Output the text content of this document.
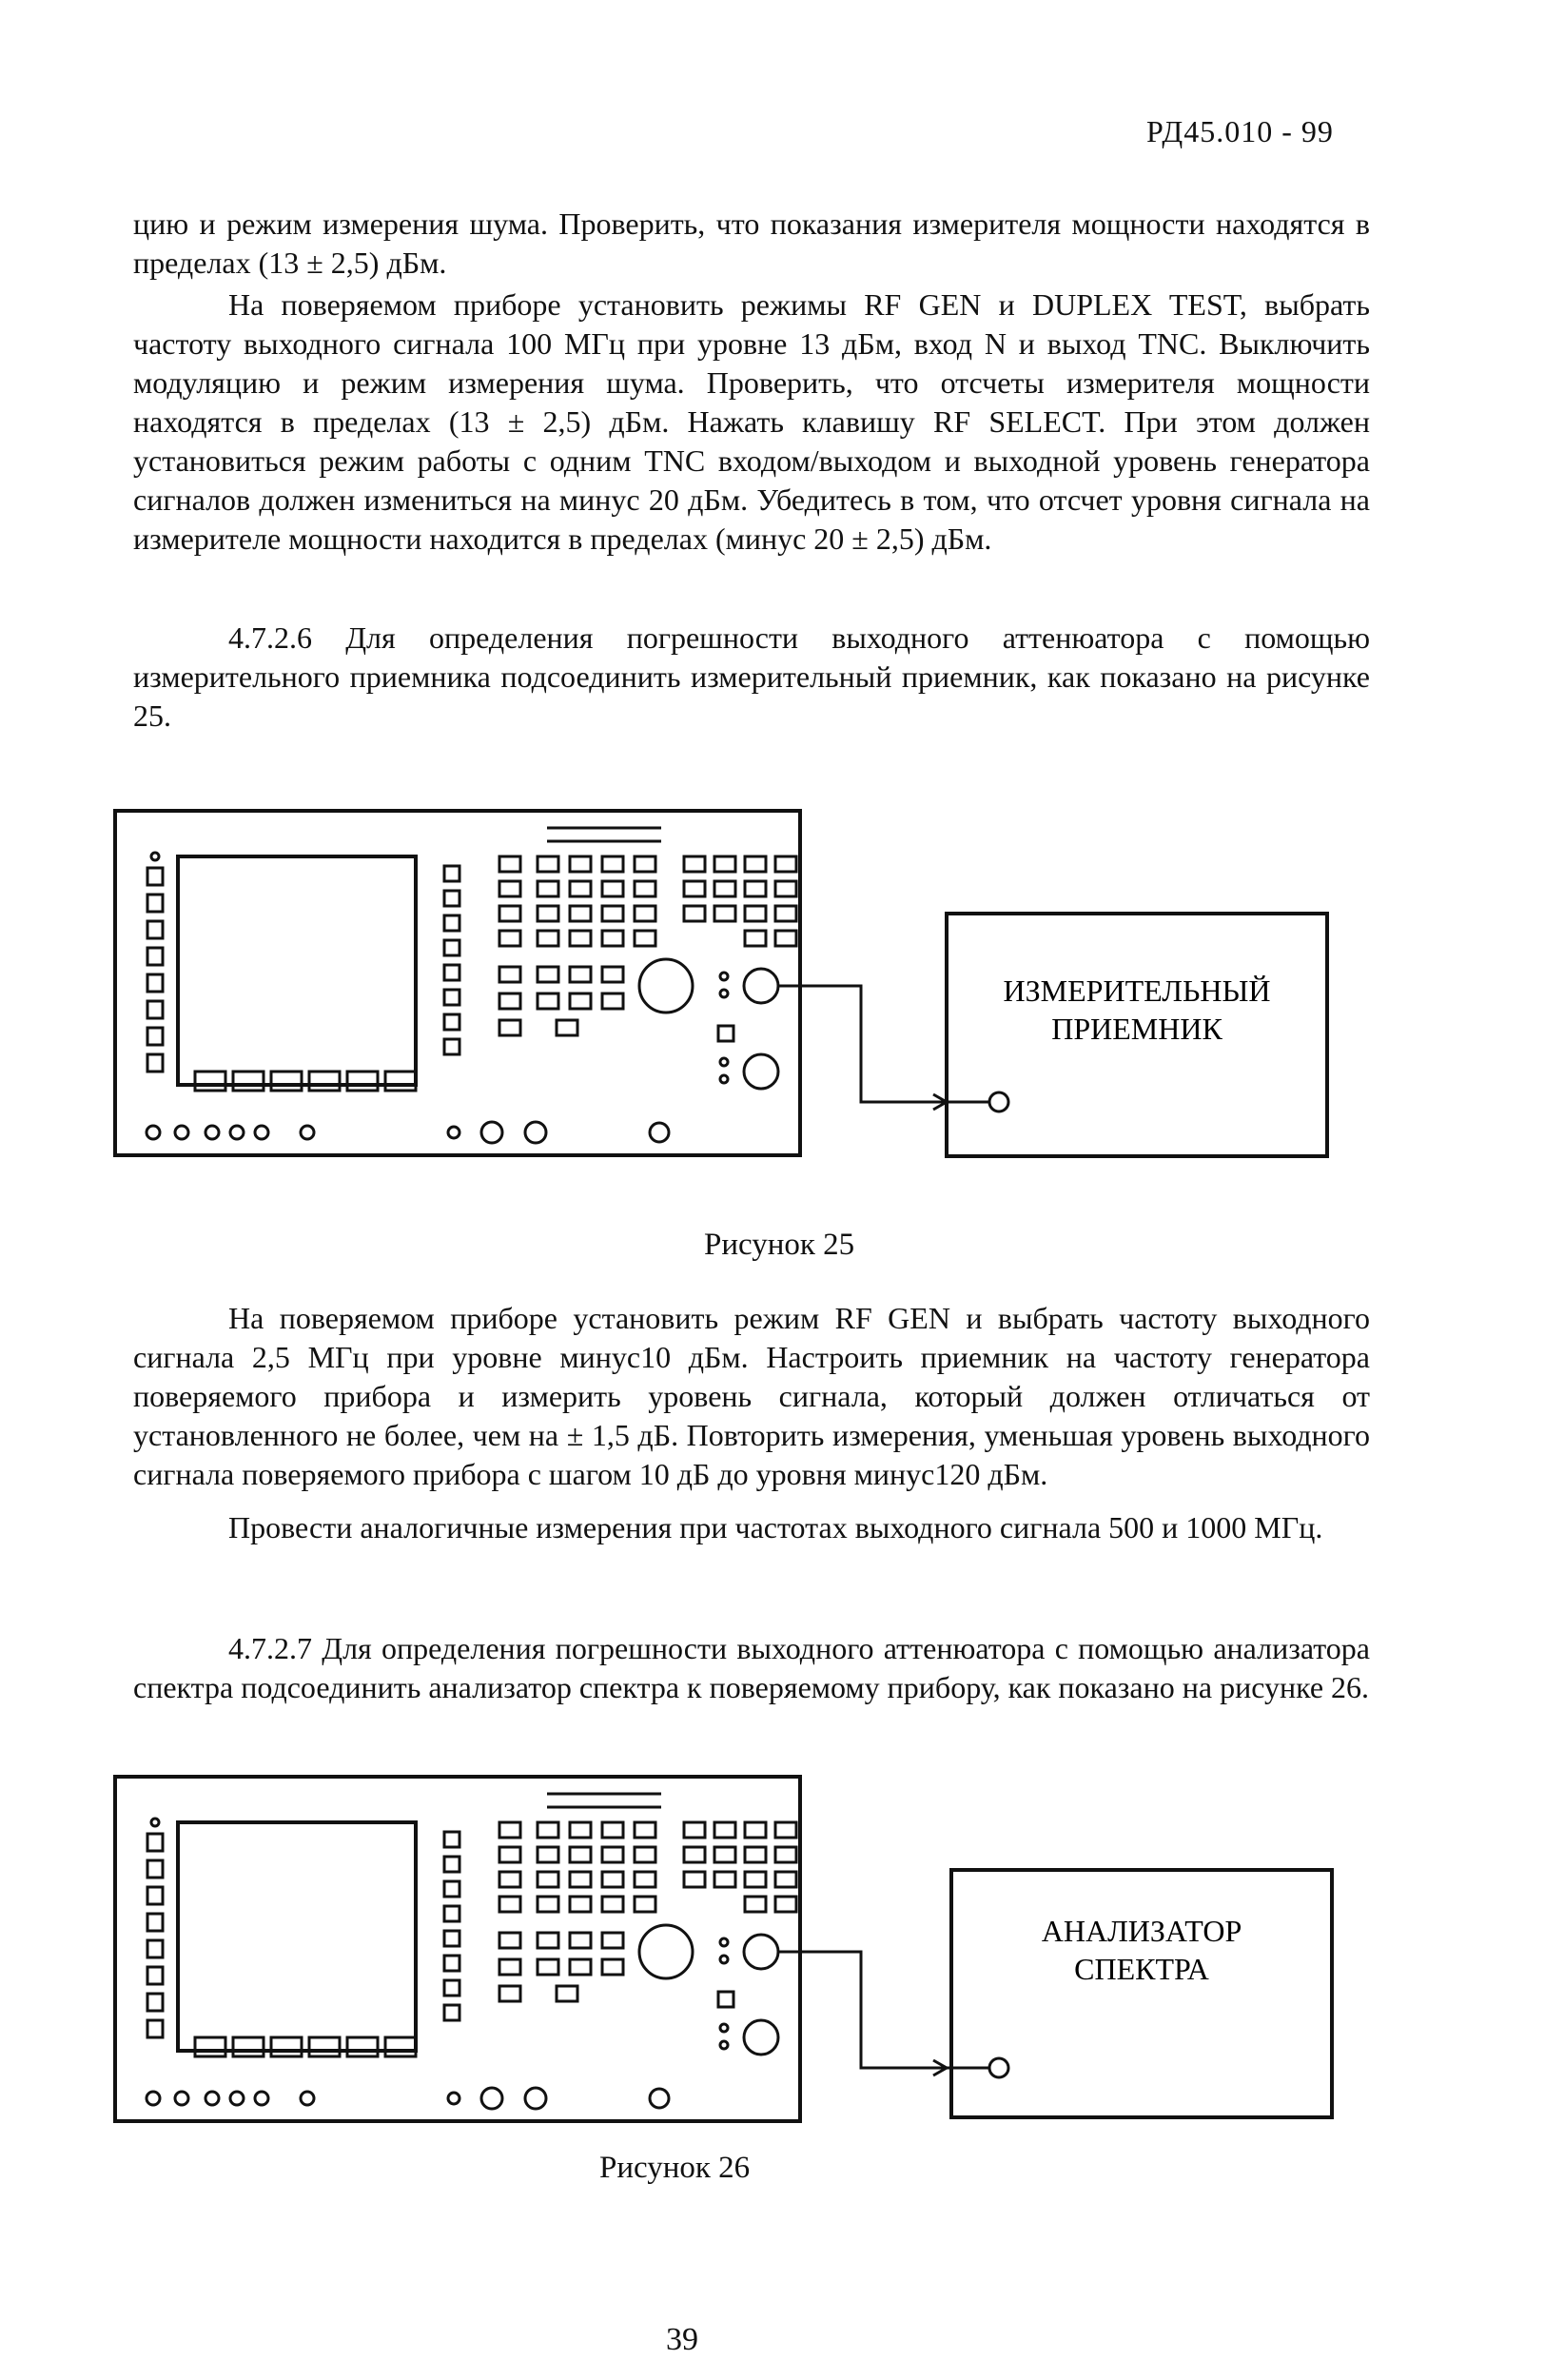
РД45.010 - 99
цию и режим измерения шума. Проверить, что показания измерителя мощности находятся в пределах (13 ± 2,5) дБм.
На поверяемом приборе установить режимы RF GEN и DUPLEX TEST, выбрать частоту выходного сигнала 100 МГц при уровне 13 дБм, вход N и выход TNC. Выключить модуляцию и режим измерения шума. Проверить, что отсчеты измерителя мощности находятся в пределах (13 ± 2,5) дБм. Нажать клавишу RF SELECT. При этом должен установиться режим работы с одним TNC входом/выходом и выходной уровень генератора сигналов должен измениться на минус 20 дБм. Убедитесь в том, что отсчет уровня сигнала на измерителе мощности находится в пределах (минус 20 ± 2,5) дБм.
4.7.2.6 Для определения погрешности выходного аттенюатора с помощью измерительного приемника подсоединить измерительный приемник, как показано на рисунке 25.
ИЗМЕРИТЕЛЬНЫЙ
ПРИЕМНИК
Рисунок 25
На поверяемом приборе установить режим RF GEN и выбрать частоту выходного сигнала 2,5 МГц при уровне минус10 дБм. Настроить приемник на частоту генератора поверяемого прибора и измерить уровень сигнала, который должен отличаться от установленного не более, чем на ± 1,5 дБ. Повторить измерения, уменьшая уровень выходного сигнала поверяемого прибора с шагом 10 дБ до уровня минус120 дБм.
Провести аналогичные измерения при частотах выходного сигнала 500 и 1000 МГц.
4.7.2.7 Для определения погрешности выходного аттенюатора с помощью анализатора спектра подсоединить анализатор спектра к поверяемому прибору, как показано на рисунке 26.
АНАЛИЗАТОР
СПЕКТРА
Рисунок 26
39
